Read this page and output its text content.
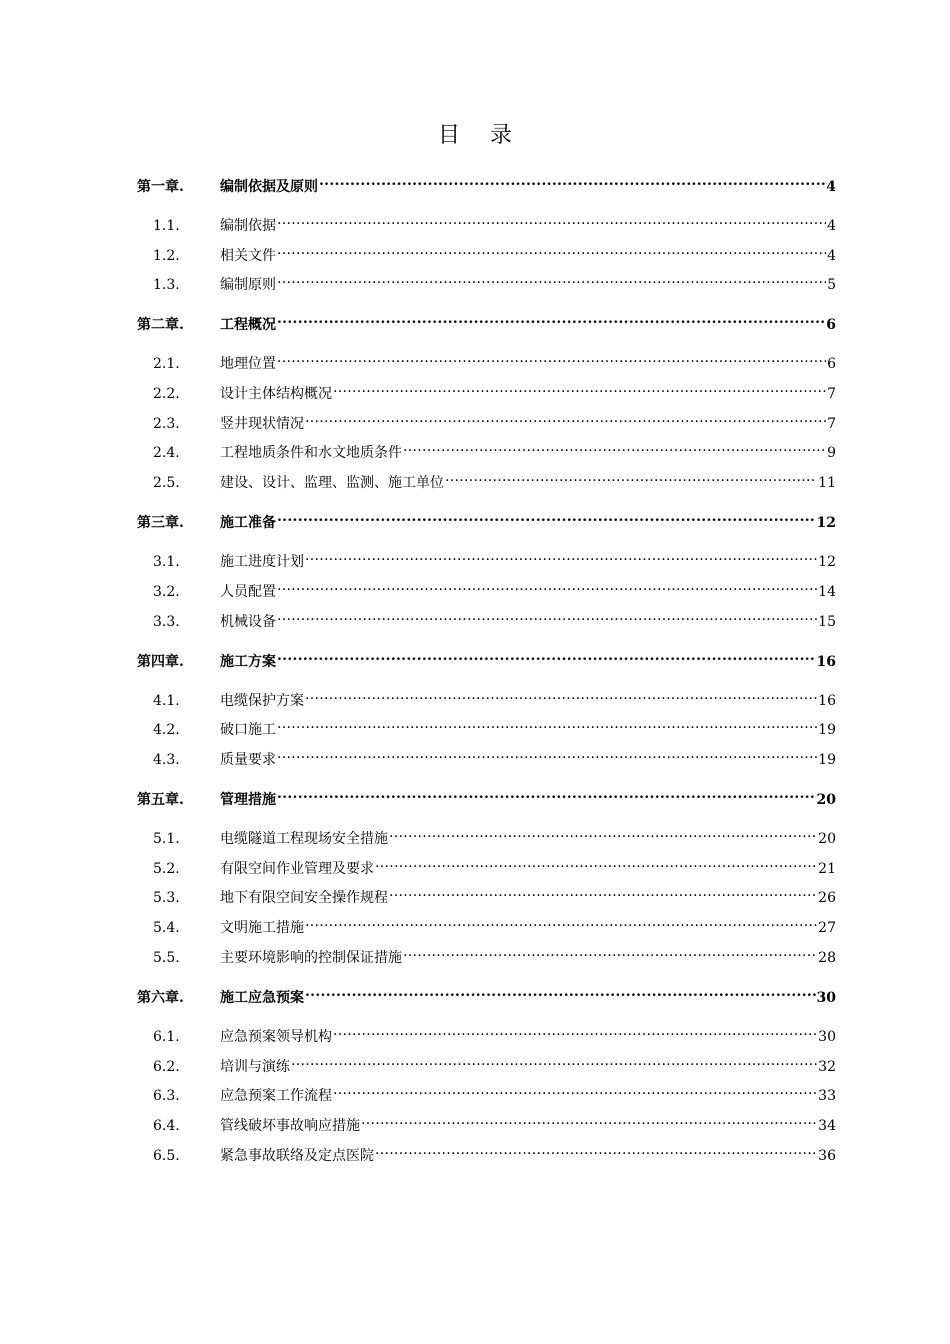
目 录
第一章.	编制依据及原则 .....	4
1.1.	编制依据 .....	4
1.2.	相关文件 .....	4
1.3.	编制原则 .....	5
第二章.	工程概况 .....	6
2.1.	地理位置 .....	6
2.2.	设计主体结构概况 .....	7
2.3.	竖井现状情况 .....	7
2.4.	工程地质条件和水文地质条件 .....	9
2.5.	建设、设计、监理、监测、施工单位 .....	11
第三章.	施工准备 .....	12
3.1.	施工进度计划 .....	12
3.2.	人员配置 .....	14
3.3.	机械设备 .....	15
第四章.	施工方案 .....	16
4.1.	电缆保护方案 .....	16
4.2.	破口施工 .....	19
4.3.	质量要求 .....	19
第五章.	管理措施 .....	20
5.1.	电缆隧道工程现场安全措施 .....	20
5.2.	有限空间作业管理及要求 .....	21
5.3.	地下有限空间安全操作规程 .....	26
5.4.	文明施工措施 .....	27
5.5.	主要环境影响的控制保证措施 .....	28
第六章.	施工应急预案 .....	30
6.1.	应急预案领导机构 .....	30
6.2.	培训与演练 .....	32
6.3.	应急预案工作流程 .....	33
6.4.	管线破坏事故响应措施 .....	34
6.5.	紧急事故联络及定点医院 .....	36
